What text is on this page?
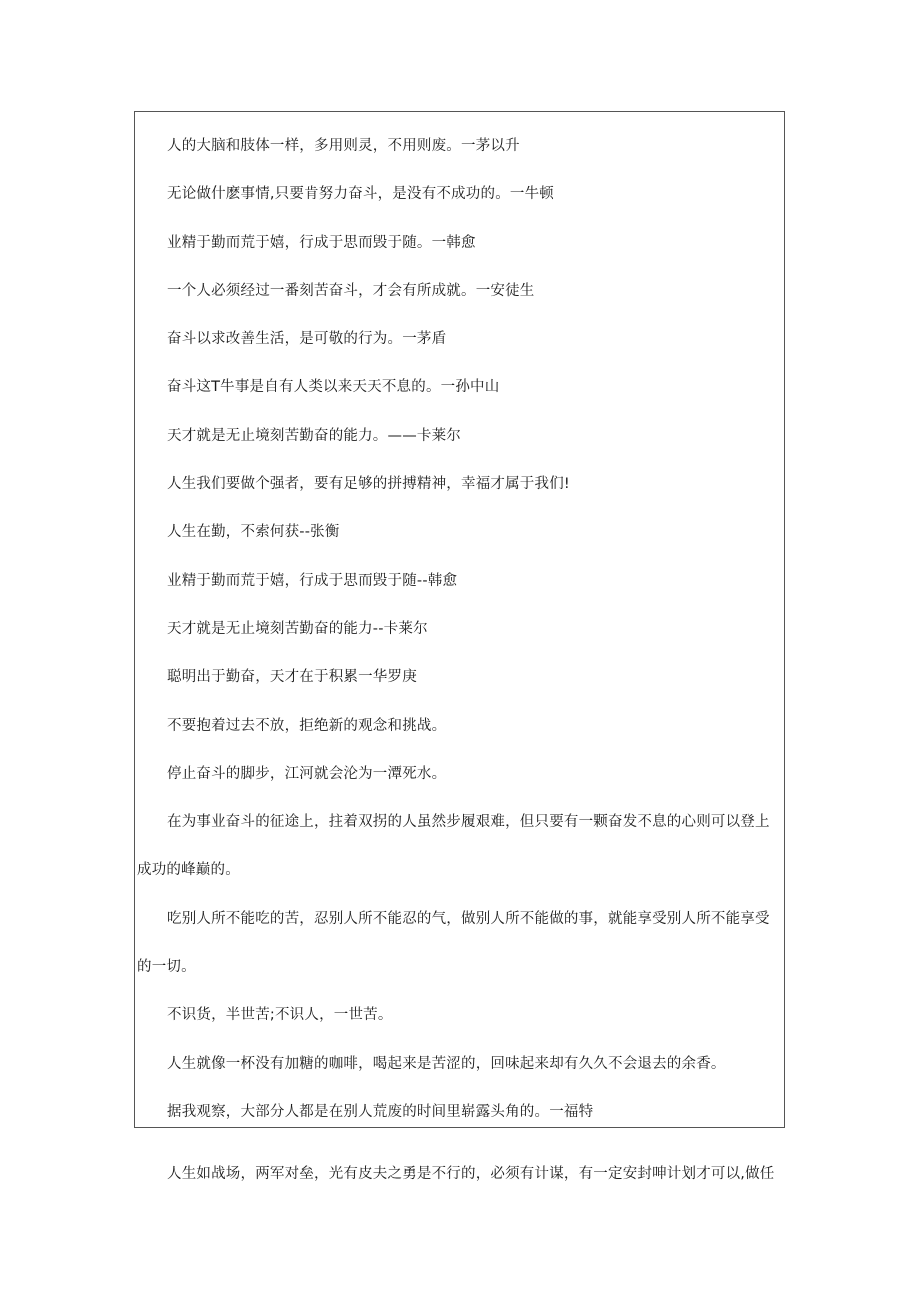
人的大脑和肢体一样，多用则灵，不用则废。一茅以升
无论做什麽事情,只要肯努力奋斗，是没有不成功的。一牛顿
业精于勤而荒于嬉，行成于思而毁于随。一韩愈
一个人必须经过一番刻苦奋斗，才会有所成就。一安徒生
奋斗以求改善生活，是可敬的行为。一茅盾
奋斗这T牛事是自有人类以来天天不息的。一孙中山
天才就是无止境刻苦勤奋的能力。——卡莱尔
人生我们要做个强者，要有足够的拼搏精神，幸福才属于我们!
人生在勤，不索何获--张衡
业精于勤而荒于嬉，行成于思而毁于随--韩愈
天才就是无止境刻苦勤奋的能力--卡莱尔
聪明出于勤奋，天才在于积累一华罗庚
不要抱着过去不放，拒绝新的观念和挑战。
停止奋斗的脚步，江河就会沦为一潭死水。
在为事业奋斗的征途上，拄着双拐的人虽然步履艰难，但只要有一颗奋发不息的心则可以登上
成功的峰巅的。
吃别人所不能吃的苦，忍别人所不能忍的气，做别人所不能做的事，就能享受别人所不能享受
的一切。
不识货，半世苦;不识人，一世苦。
人生就像一杯没有加糖的咖啡，喝起来是苦涩的，回味起来却有久久不会退去的余香。
据我观察，大部分人都是在别人荒废的时间里崭露头角的。一福特
人生如战场，两军对垒，光有皮夫之勇是不行的，必须有计谋，有一定安封呻计划才可以,做任
